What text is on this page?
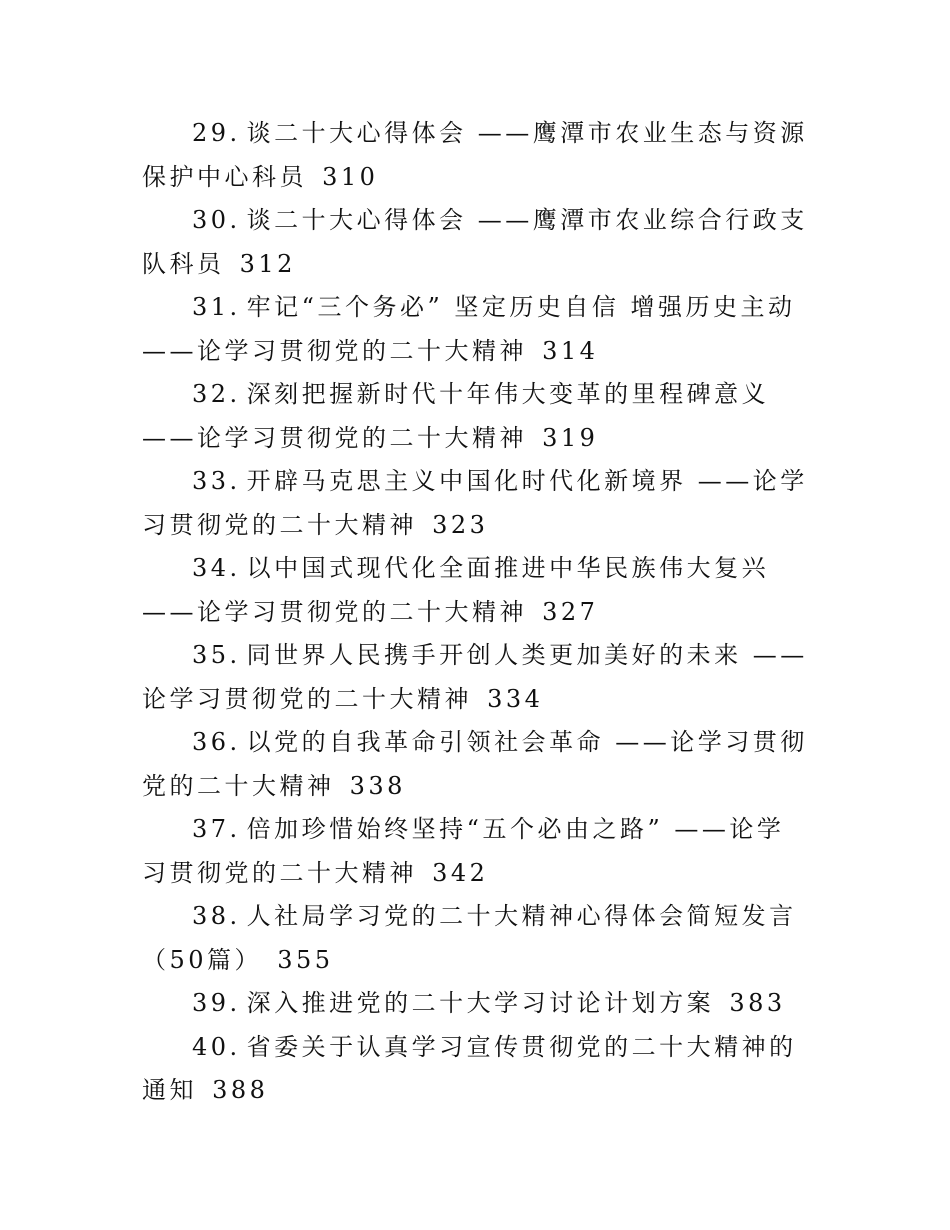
29. 谈二十大心得体会 ——鹰潭市农业生态与资源保护中心科员 310

30. 谈二十大心得体会 ——鹰潭市农业综合行政支队科员 312

31. 牢记“三个务必” 坚定历史自信 增强历史主动 ——论学习贯彻党的二十大精神 314

32. 深刻把握新时代十年伟大变革的里程碑意义 ——论学习贯彻党的二十大精神 319

33. 开辟马克思主义中国化时代化新境界 ——论学习贯彻党的二十大精神 323

34. 以中国式现代化全面推进中华民族伟大复兴 ——论学习贯彻党的二十大精神 327

35. 同世界人民携手开创人类更加美好的未来 ——论学习贯彻党的二十大精神 334

36. 以党的自我革命引领社会革命 ——论学习贯彻党的二十大精神 338

37. 倍加珍惜始终坚持“五个必由之路” ——论学习贯彻党的二十大精神 342

38. 人社局学习党的二十大精神心得体会简短发言（50篇） 355

39. 深入推进党的二十大学习讨论计划方案 383

40. 省委关于认真学习宣传贯彻党的二十大精神的通知 388
